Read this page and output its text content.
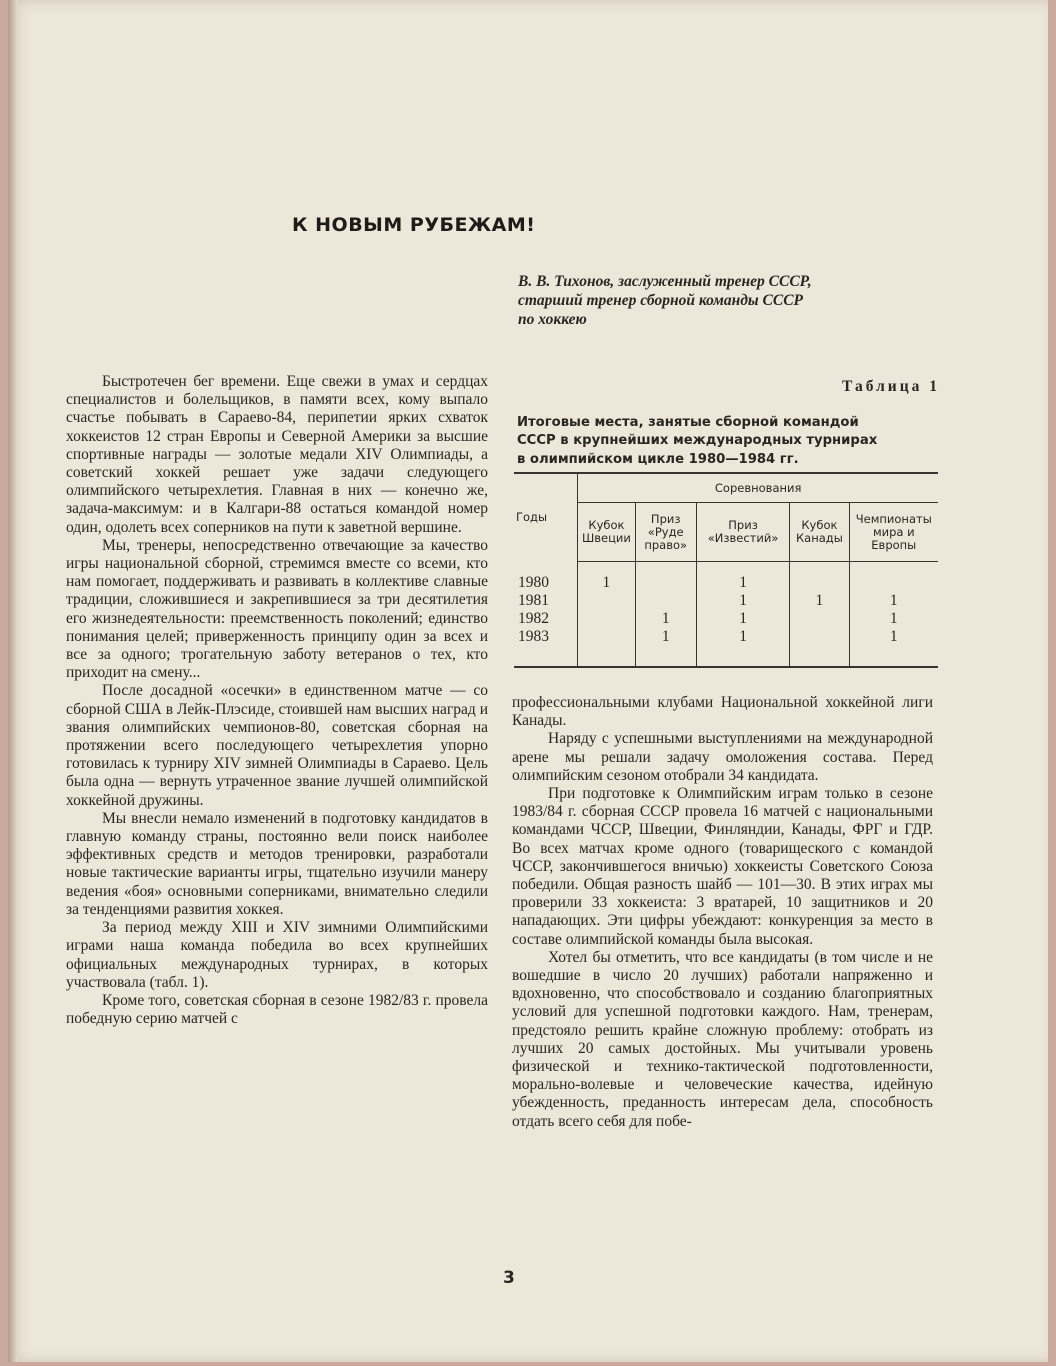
К НОВЫМ РУБЕЖАМ!
В. В. Тихонов, заслуженный тренер СССР,
старший тренер сборной команды СССР
по хоккею

Быстротечен бег времени. Еще свежи в умах и сердцах специалистов и болельщиков, в памяти всех, кому выпало счастье побывать в Сараево-84, перипетии ярких схваток хоккеистов 12 стран Европы и Северной Америки за высшие спортивные награды — золотые медали XIV Олимпиады, а советский хоккей решает уже задачи следующего олимпийского четырехлетия. Главная в них — конечно же, задача-максимум: и в Калгари-88 остаться командой номер один, одолеть всех соперников на пути к заветной вершине.

Мы, тренеры, непосредственно отвечающие за качество игры национальной сборной, стремимся вместе со всеми, кто нам помогает, поддерживать и развивать в коллективе славные традиции, сложившиеся и закрепившиеся за три десятилетия его жизнедеятельности: преемственность поколений; единство понимания целей; приверженность принципу один за всех и все за одного; трогательную заботу ветеранов о тех, кто приходит на смену...

После досадной «осечки» в единственном матче — со сборной США в Лейк-Плэсиде, стоившей нам высших наград и звания олимпийских чемпионов-80, советская сборная на протяжении всего последующего четырехлетия упорно готовилась к турниру XIV зимней Олимпиады в Сараево. Цель была одна — вернуть утраченное звание лучшей олимпийской хоккейной дружины.

Мы внесли немало изменений в подготовку кандидатов в главную команду страны, постоянно вели поиск наиболее эффективных средств и методов тренировки, разработали новые тактические варианты игры, тщательно изучили манеру ведения «боя» основными соперниками, внимательно следили за тенденциями развития хоккея.

За период между XIII и XIV зимними Олимпийскими играми наша команда победила во всех крупнейших официальных международных турнирах, в которых участвовала (табл. 1).

Кроме того, советская сборная в сезоне 1982/83 г. провела победную серию матчей с

Таблица 1
Итоговые места, занятые сборной командой
СССР в крупнейших международных турнирах
в олимпийском цикле 1980—1984 гг.
Годы	Соревнования				
	Кубок Швеции	Приз «Руде право»	Приз «Известий»	Кубок Канады	Чемпионаты мира и Европы
1980	1		1		
1981			1	1	1
1982		1	1		1
1983		1	1		1

профессиональными клубами Национальной хоккейной лиги Канады.

Наряду с успешными выступлениями на международной арене мы решали задачу омоложения состава. Перед олимпийским сезоном отобрали 34 кандидата.

При подготовке к Олимпийским играм только в сезоне 1983/84 г. сборная СССР провела 16 матчей с национальными командами ЧССР, Швеции, Финляндии, Канады, ФРГ и ГДР. Во всех матчах кроме одного (товарищеского с командой ЧССР, закончившегося вничью) хоккеисты Советского Союза победили. Общая разность шайб — 101—30. В этих играх мы проверили 33 хоккеиста: 3 вратарей, 10 защитников и 20 нападающих. Эти цифры убеждают: конкуренция за место в составе олимпийской команды была высокая.

Хотел бы отметить, что все кандидаты (в том числе и не вошедшие в число 20 лучших) работали напряженно и вдохновенно, что способствовало и созданию благоприятных условий для успешной подготовки каждого. Нам, тренерам, предстояло решить крайне сложную проблему: отобрать из лучших 20 самых достойных. Мы учитывали уровень физической и технико-тактической подготовленности, морально-волевые и человеческие качества, идейную убежденность, преданность интересам дела, способность отдать всего себя для побе-

3
